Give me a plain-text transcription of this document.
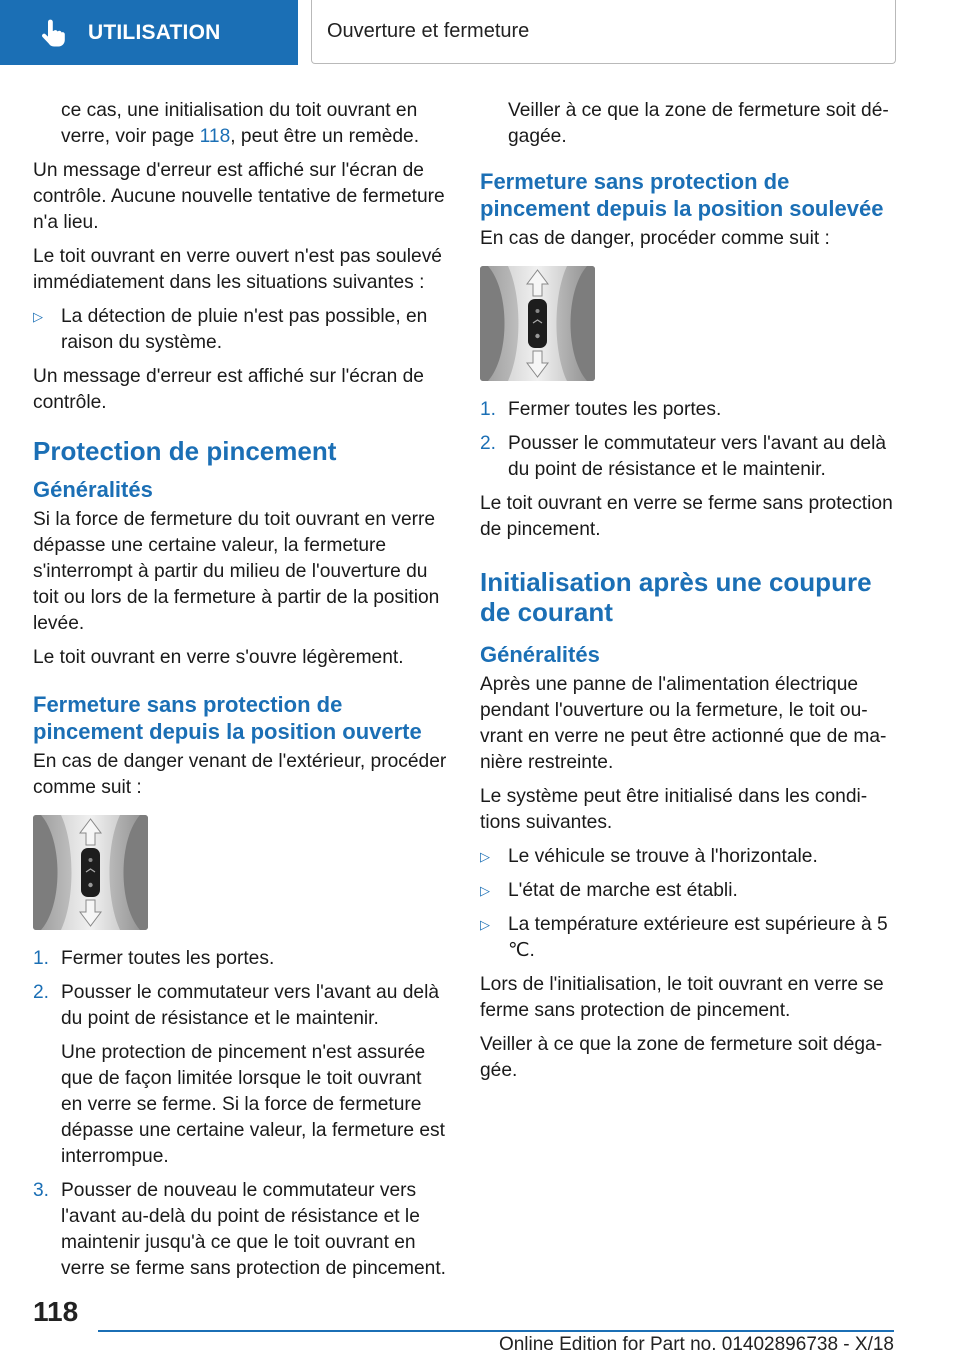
UTILISATION	Ouverture et fermeture

ce cas, une initialisation du toit ouvrant en verre, voir page 118, peut être un remède.

Un message d'erreur est affiché sur l'écran de contrôle. Aucune nouvelle tentative de fermeture n'a lieu.

Le toit ouvrant en verre ouvert n'est pas soulevé immédiatement dans les situations suivantes :

▷ La détection de pluie n'est pas possible, en raison du système.

Un message d'erreur est affiché sur l'écran de contrôle.

Protection de pincement
Généralités

Si la force de fermeture du toit ouvrant en verre dépasse une certaine valeur, la fermeture s'interrompt à partir du milieu de l'ouverture du toit ou lors de la fermeture à partir de la position levée.

Le toit ouvrant en verre s'ouvre légèrement.

Fermeture sans protection de pincement depuis la position ouverte

En cas de danger venant de l'extérieur, procéder comme suit :

1. Fermer toutes les portes.
2. Pousser le commutateur vers l'avant au delà du point de résistance et le maintenir.

Une protection de pincement n'est assurée que de façon limitée lorsque le toit ouvrant en verre se ferme. Si la force de fermeture dépasse une certaine valeur, la fermeture est interrompue.

3. Pousser de nouveau le commutateur vers l'avant au-delà du point de résistance et le maintenir jusqu'à ce que le toit ouvrant en verre se ferme sans protection de pincement.

Veiller à ce que la zone de fermeture soit dégagée.

Fermeture sans protection de pincement depuis la position soulevée

En cas de danger, procéder comme suit :

1. Fermer toutes les portes.
2. Pousser le commutateur vers l'avant au delà du point de résistance et le maintenir.

Le toit ouvrant en verre se ferme sans protection de pincement.

Initialisation après une coupure de courant
Généralités

Après une panne de l'alimentation électrique pendant l'ouverture ou la fermeture, le toit ouvrant en verre ne peut être actionné que de manière restreinte.

Le système peut être initialisé dans les conditions suivantes.

▷ Le véhicule se trouve à l'horizontale.
▷ L'état de marche est établi.
▷ La température extérieure est supérieure à 5 ℃.

Lors de l'initialisation, le toit ouvrant en verre se ferme sans protection de pincement.

Veiller à ce que la zone de fermeture soit dégagée.

118
Online Edition for Part no. 01402896738 - X/18
